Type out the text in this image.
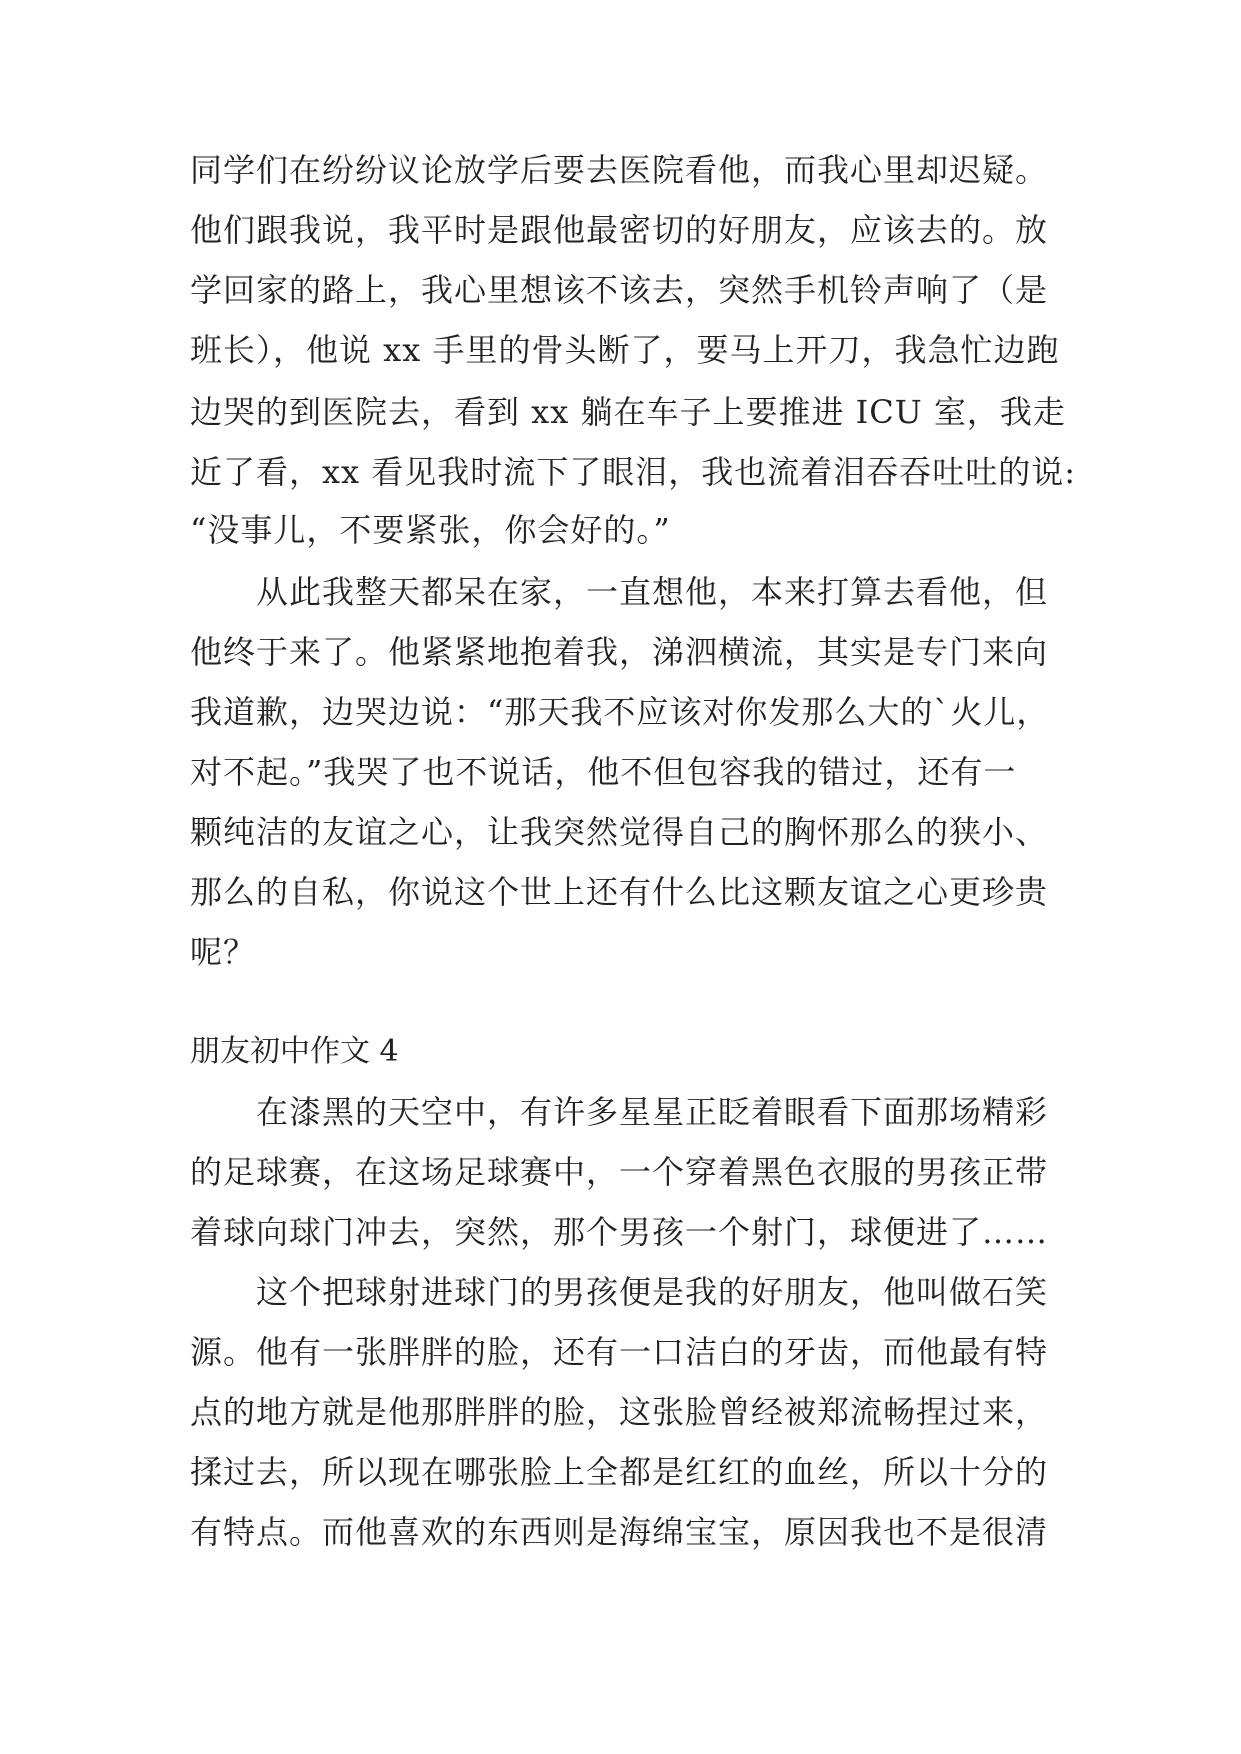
同学们在纷纷议论放学后要去医院看他，而我心里却迟疑。
他们跟我说，我平时是跟他最密切的好朋友，应该去的。放
学回家的路上，我心里想该不该去，突然手机铃声响了（是
班长），他说 xx 手里的骨头断了，要马上开刀，我急忙边跑
边哭的到医院去，看到 xx 躺在车子上要推进 ICU 室，我走
近了看，xx 看见我时流下了眼泪，我也流着泪吞吞吐吐的说:
“没事儿，不要紧张，你会好的。”
从此我整天都呆在家，一直想他，本来打算去看他，但
他终于来了。他紧紧地抱着我，涕泗横流，其实是专门来向
我道歉，边哭边说：“那天我不应该对你发那么大的`火儿，
对不起。”我哭了也不说话，他不但包容我的错过，还有一
颗纯洁的友谊之心，让我突然觉得自己的胸怀那么的狭小、
那么的自私，你说这个世上还有什么比这颗友谊之心更珍贵
呢？
朋友初中作文 4
在漆黑的天空中，有许多星星正眨着眼看下面那场精彩
的足球赛，在这场足球赛中，一个穿着黑色衣服的男孩正带
着球向球门冲去，突然，那个男孩一个射门，球便进了……
这个把球射进球门的男孩便是我的好朋友，他叫做石笑
源。他有一张胖胖的脸，还有一口洁白的牙齿，而他最有特
点的地方就是他那胖胖的脸，这张脸曾经被郑流畅捏过来，
揉过去，所以现在哪张脸上全都是红红的血丝，所以十分的
有特点。而他喜欢的东西则是海绵宝宝，原因我也不是很清
